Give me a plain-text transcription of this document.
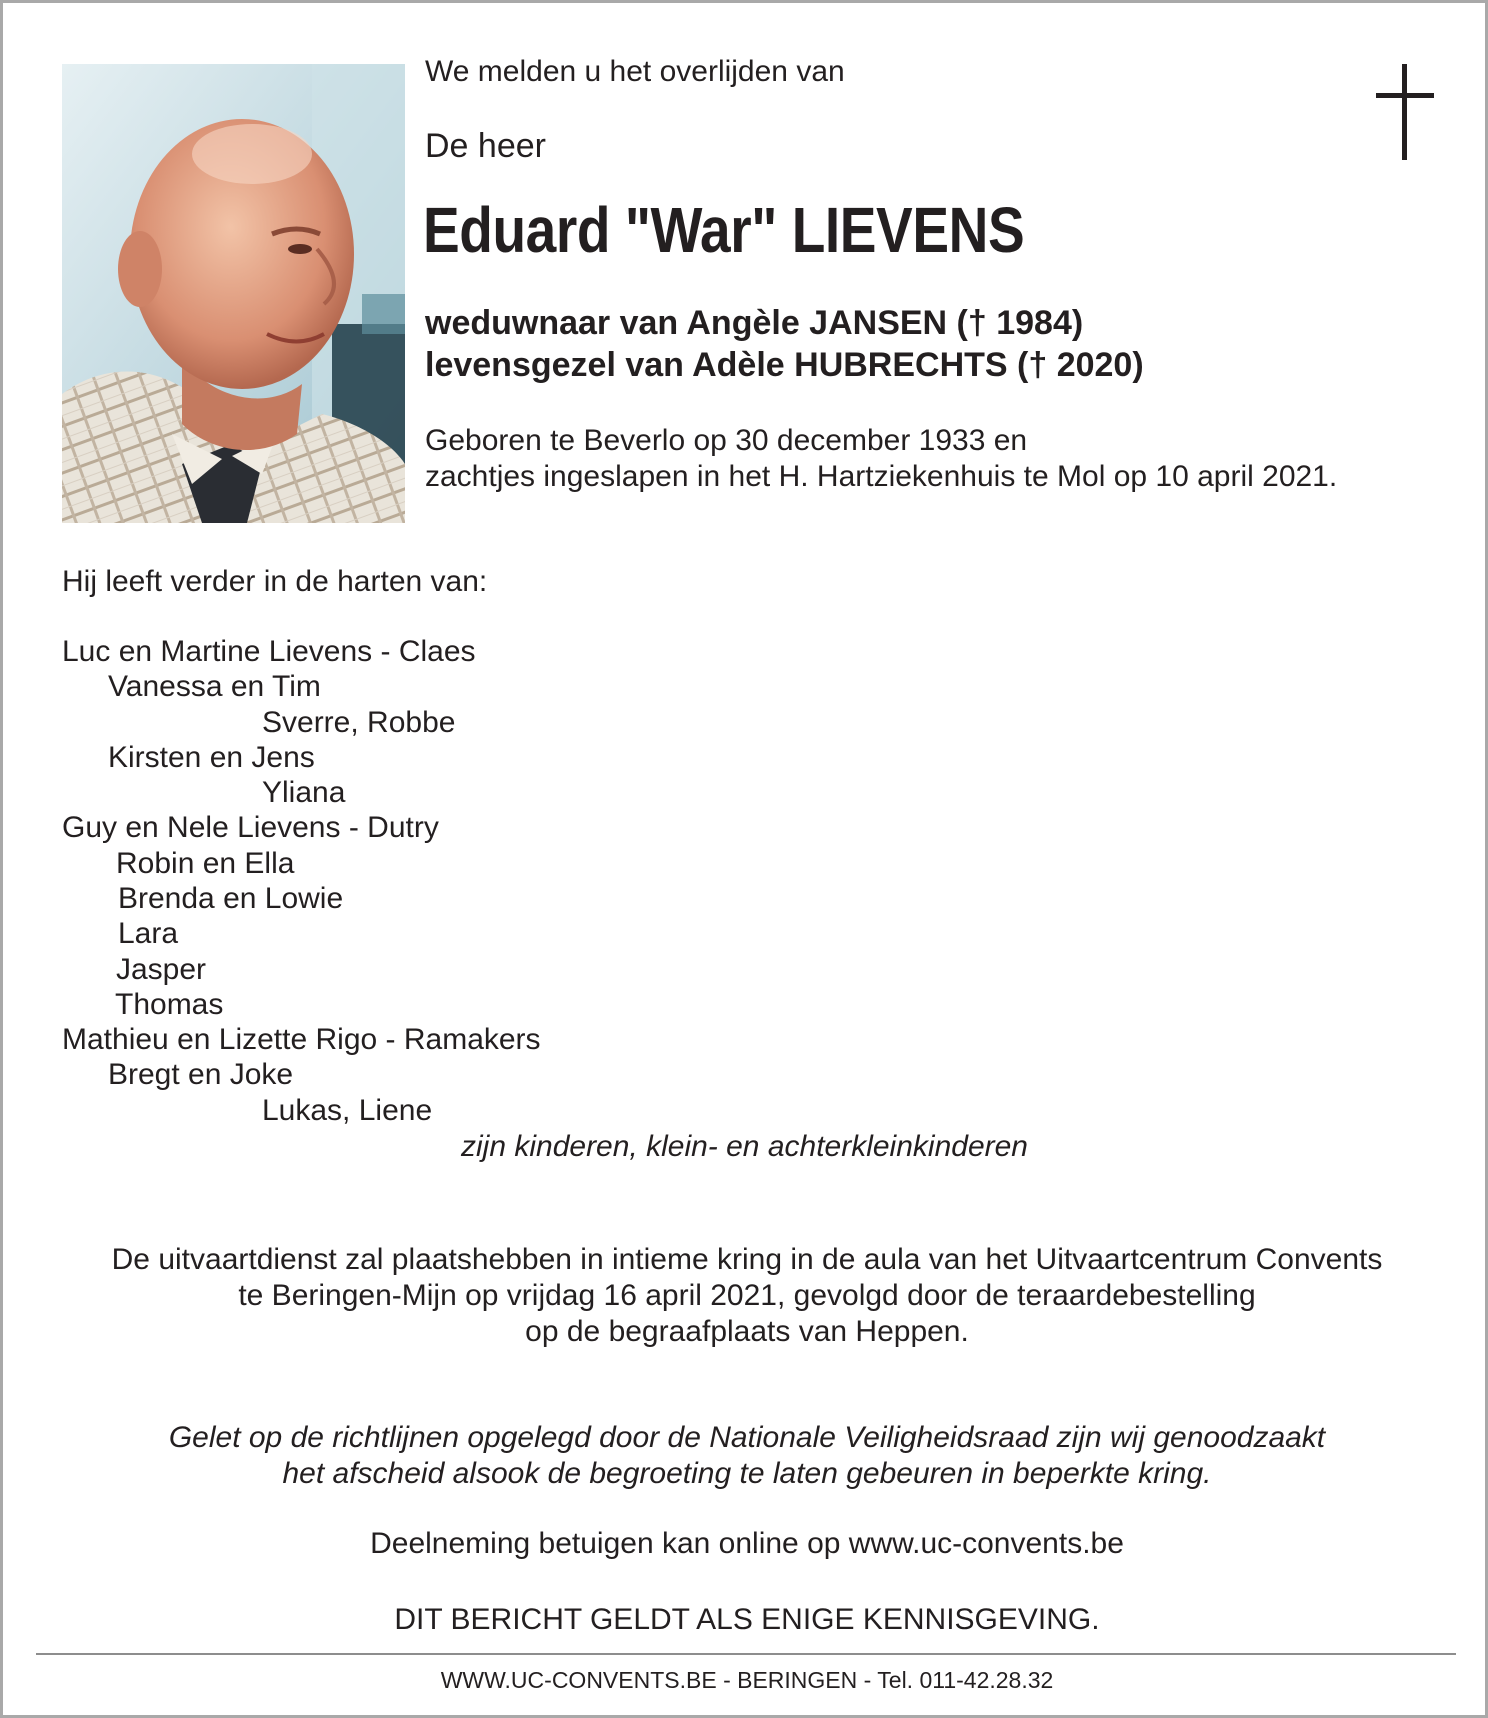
We melden u het overlijden van
De heer
Eduard "War" LIEVENS
weduwnaar van Angèle JANSEN († 1984)
levensgezel van Adèle HUBRECHTS († 2020)
Geboren te Beverlo op 30 december 1933 en
zachtjes ingeslapen in het H. Hartziekenhuis te Mol op 10 april 2021.
Hij leeft verder in de harten van:
Luc en Martine Lievens - Claes
Vanessa en Tim
Sverre, Robbe
Kirsten en Jens
Yliana
Guy en Nele Lievens - Dutry
Robin en Ella
Brenda en Lowie
Lara
Jasper
Thomas
Mathieu en Lizette Rigo - Ramakers
Bregt en Joke
Lukas, Liene
zijn kinderen, klein- en achterkleinkinderen
De uitvaartdienst zal plaatshebben in intieme kring in de aula van het Uitvaartcentrum Convents
te Beringen-Mijn op vrijdag 16 april 2021, gevolgd door de teraardebestelling
op de begraafplaats van Heppen.
Gelet op de richtlijnen opgelegd door de Nationale Veiligheidsraad zijn wij genoodzaakt
het afscheid alsook de begroeting te laten gebeuren in beperkte kring.
Deelneming betuigen kan online op www.uc-convents.be
DIT BERICHT GELDT ALS ENIGE KENNISGEVING.
WWW.UC-CONVENTS.BE - BERINGEN - Tel. 011-42.28.32
